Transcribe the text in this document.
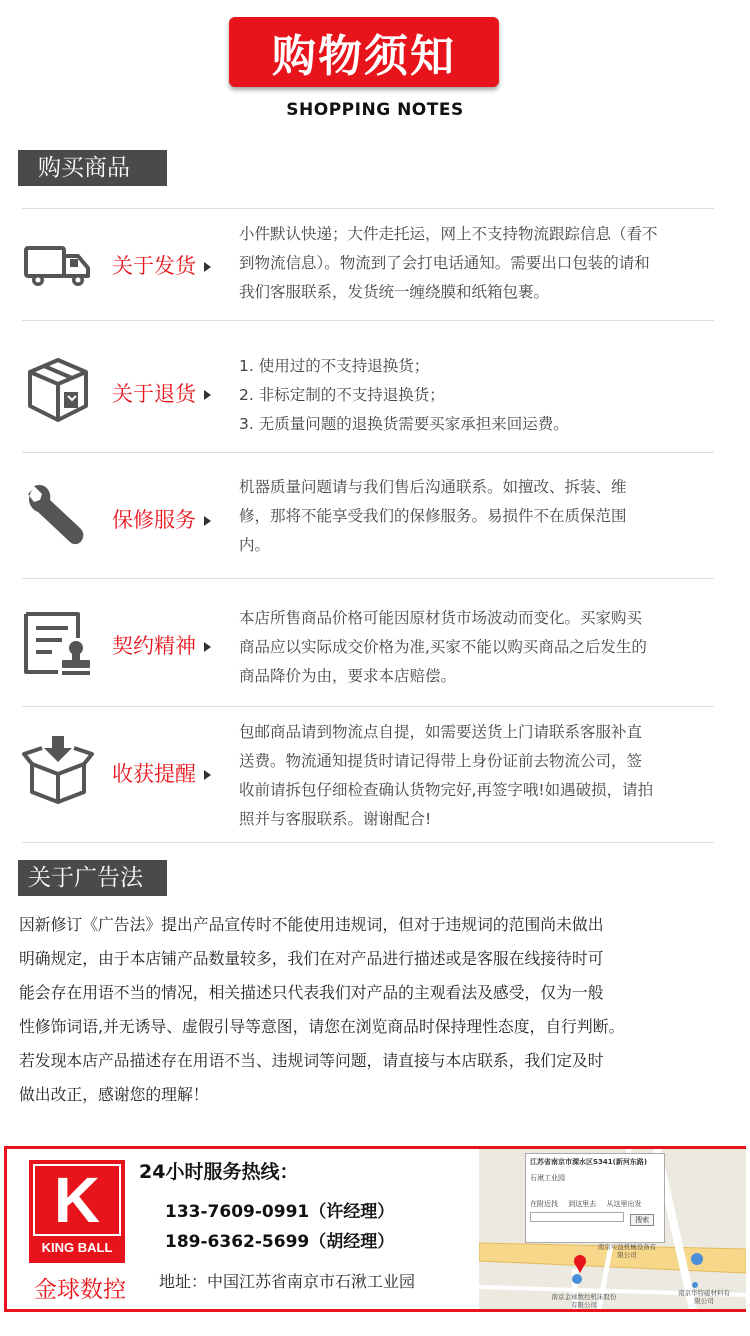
购物须知
SHOPPING NOTES
购买商品
关于发货
小件默认快递；大件走托运，网上不支持物流跟踪信息（看不
到物流信息）。物流到了会打电话通知。需要出口包装的请和
我们客服联系，发货统一缠绕膜和纸箱包裹。
关于退货
1. 使用过的不支持退换货；
2. 非标定制的不支持退换货；
3. 无质量问题的退换货需要买家承担来回运费。
保修服务
机器质量问题请与我们售后沟通联系。如擅改、拆装、维
修，那将不能享受我们的保修服务。易损件不在质保范围
内。
契约精神
本店所售商品价格可能因原材货市场波动而变化。买家购买
商品应以实际成交价格为准,买家不能以购买商品之后发生的
商品降价为由，要求本店赔偿。
收获提醒
包邮商品请到物流点自提，如需要送货上门请联系客服补直
送费。物流通知提货时请记得带上身份证前去物流公司，签
收前请拆包仔细检查确认货物完好,再签字哦!如遇破损，请拍
照并与客服联系。谢谢配合!
关于广告法
因新修订《广告法》提出产品宣传时不能使用违规词，但对于违规词的范围尚未做出
明确规定，由于本店铺产品数量较多，我们在对产品进行描述或是客服在线接待时可
能会存在用语不当的情况，相关描述只代表我们对产品的主观看法及感受，仅为一般
性修饰词语,并无诱导、虚假引导等意图，请您在浏览商品时保持理性态度，自行判断。
若发现本店产品描述存在用语不当、违规词等问题，请直接与本店联系，我们定及时
做出改正，感谢您的理解！
K
KING BALL
金球数控
24小时服务热线：
133-7609-0991（许经理）
189-6362-5699（胡经理）
地址：中国江苏省南京市石湫工业园
江苏省南京市溧水区S341(新河东路)
石湫工业园
在附近找 到这里去 从这里出发
搜索
南京实益机械设备有限公司
南京金球数控机床股份有限公司
南京华特磁材料有限公司
